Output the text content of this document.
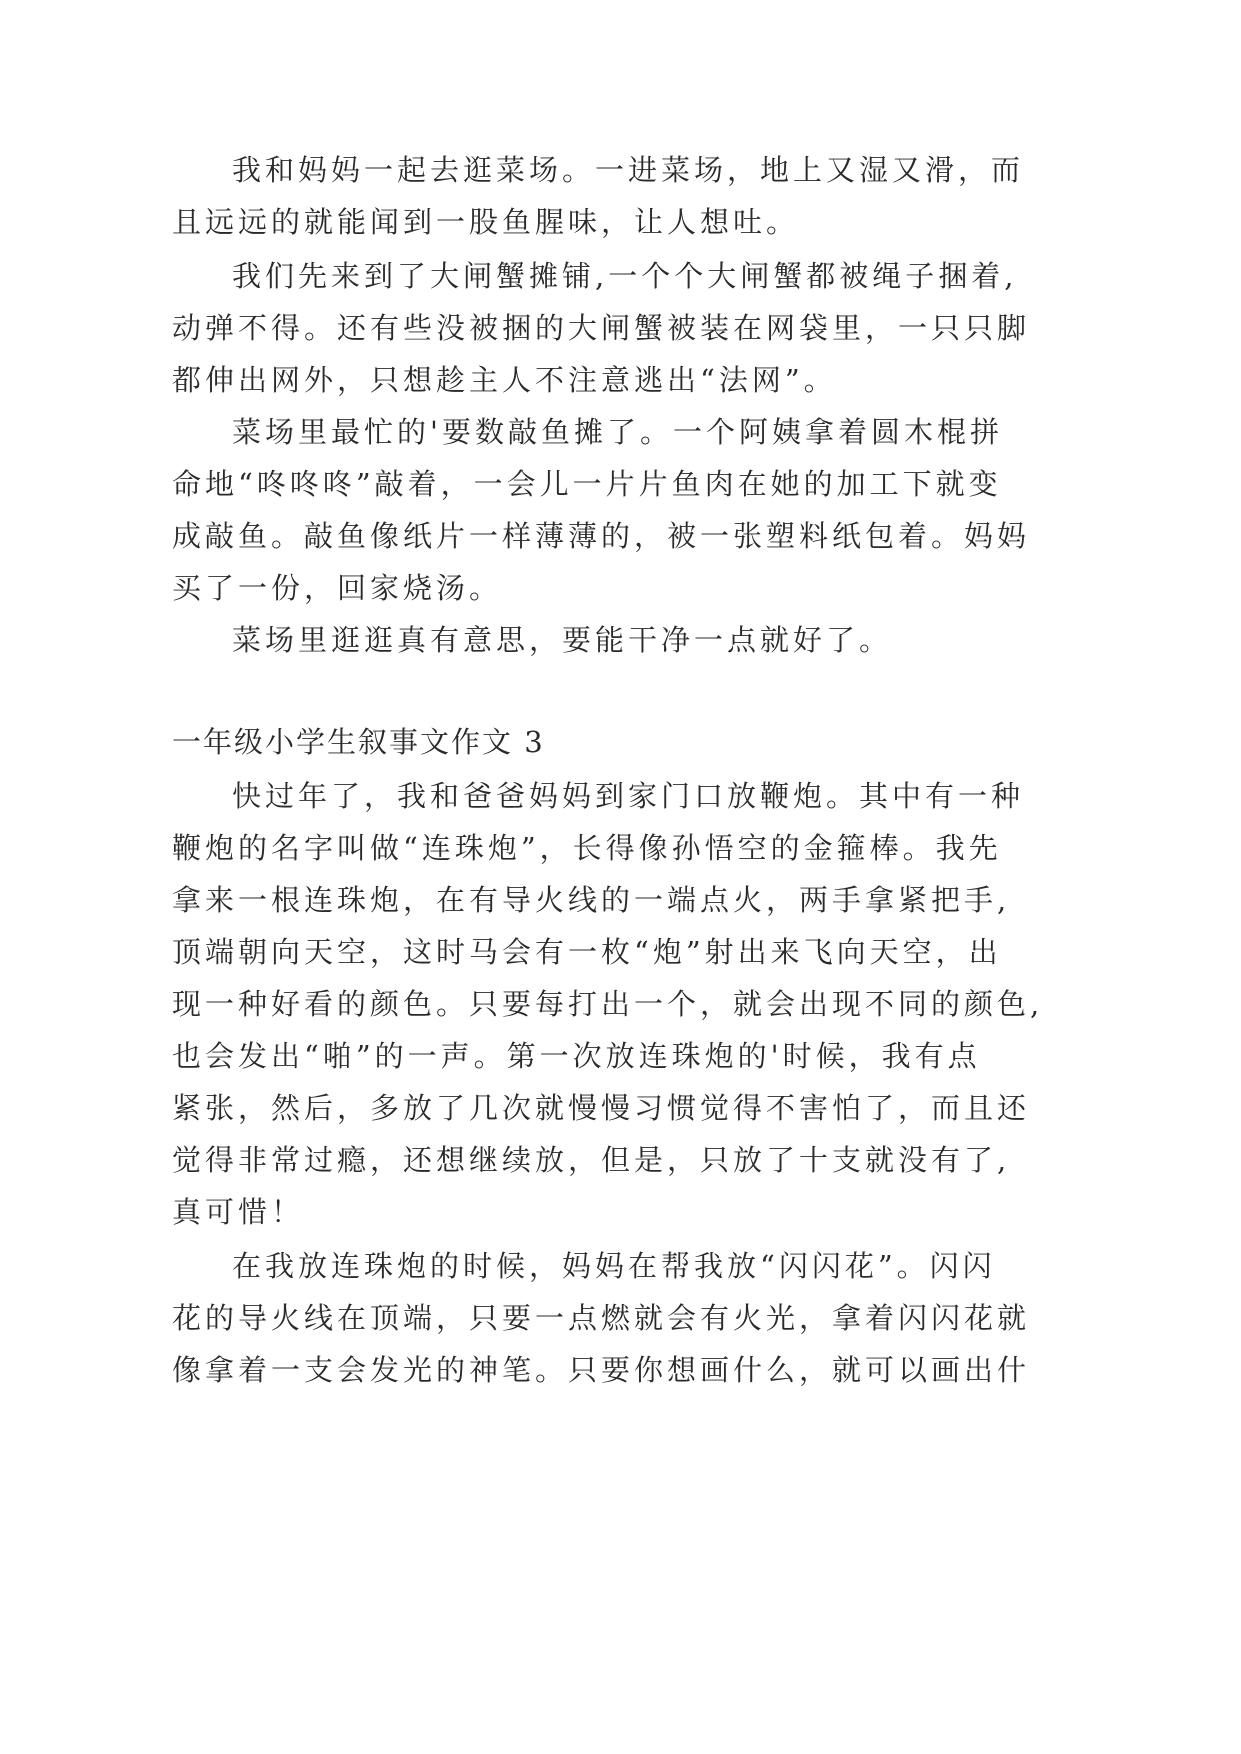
我和妈妈一起去逛菜场。一进菜场，地上又湿又滑，而

且远远的就能闻到一股鱼腥味，让人想吐。

我们先来到了大闸蟹摊铺,一个个大闸蟹都被绳子捆着,

动弹不得。还有些没被捆的大闸蟹被装在网袋里，一只只脚

都伸出网外，只想趁主人不注意逃出“法网”。

菜场里最忙的'要数敲鱼摊了。一个阿姨拿着圆木棍拼

命地“咚咚咚”敲着，一会儿一片片鱼肉在她的加工下就变

成敲鱼。敲鱼像纸片一样薄薄的，被一张塑料纸包着。妈妈

买了一份，回家烧汤。

菜场里逛逛真有意思，要能干净一点就好了。

一年级小学生叙事文作文 3

快过年了，我和爸爸妈妈到家门口放鞭炮。其中有一种

鞭炮的名字叫做“连珠炮”，长得像孙悟空的金箍棒。我先

拿来一根连珠炮，在有导火线的一端点火，两手拿紧把手,

顶端朝向天空，这时马会有一枚“炮”射出来飞向天空，出

现一种好看的颜色。只要每打出一个，就会出现不同的颜色,

也会发出“啪”的一声。第一次放连珠炮的'时候，我有点

紧张，然后，多放了几次就慢慢习惯觉得不害怕了，而且还

觉得非常过瘾，还想继续放，但是，只放了十支就没有了,

真可惜！

在我放连珠炮的时候，妈妈在帮我放“闪闪花”。闪闪

花的导火线在顶端，只要一点燃就会有火光，拿着闪闪花就

像拿着一支会发光的神笔。只要你想画什么，就可以画出什
